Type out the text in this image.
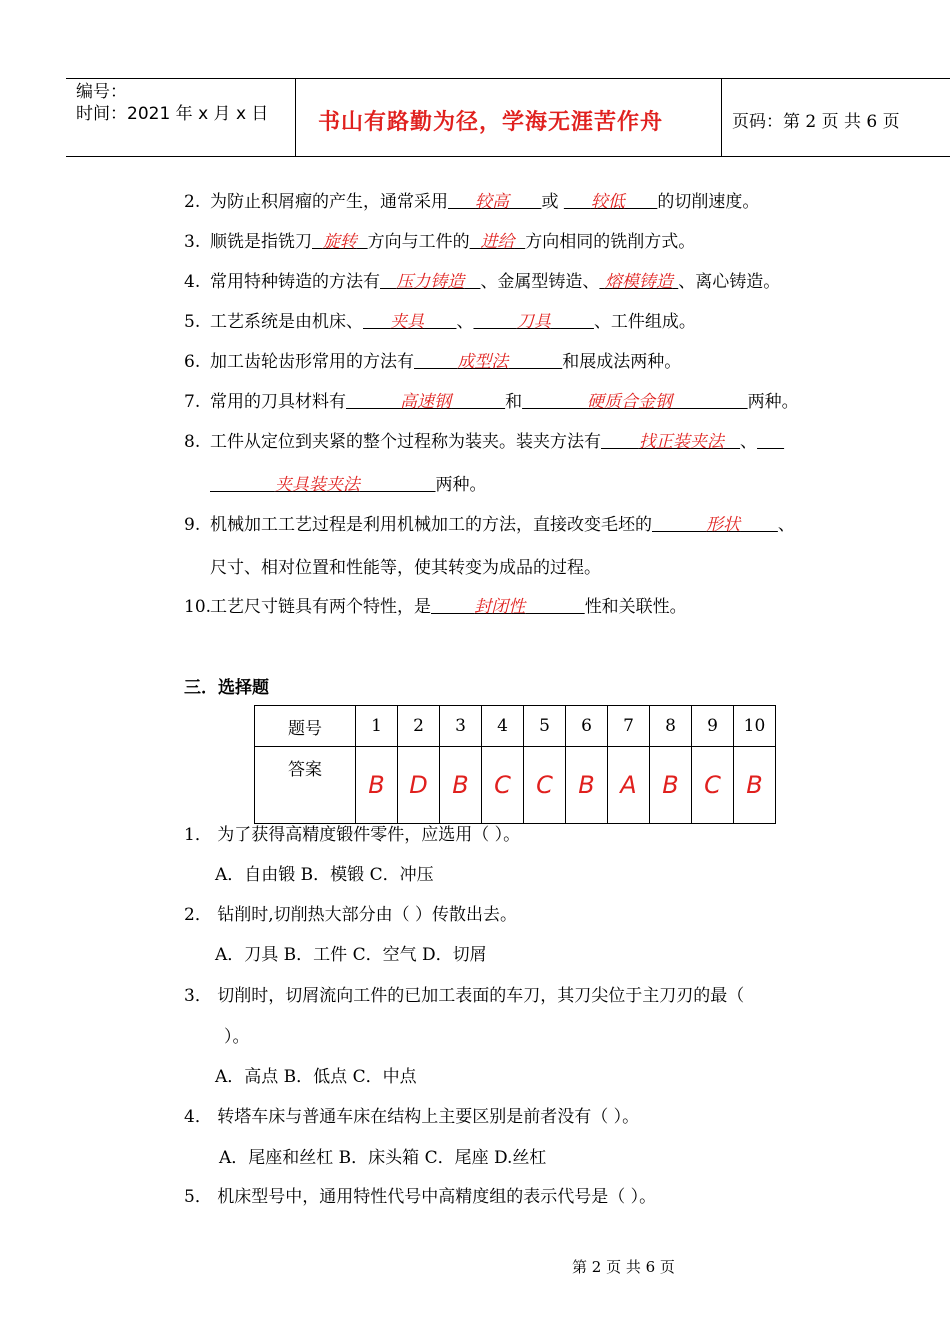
编号：
时间：2021 年 x 月 x 日 书山有路勤为径，学海无涯苦作舟	页码：第 2 页 共 6 页
2. 为防止积屑瘤的产生，通常采用 较高 或 较低 的切削速度。
3. 顺铣是指铣刀 旋转 方向与工件的 进给 方向相同的铣削方式。
4. 常用特种铸造的方法有 压力铸造 、金属型铸造、 熔模铸造 、离心铸造。
5. 工艺系统是由机床、 夹具 、	刀具	、工件组成。
6. 加工齿轮齿形常用的方法有	成型法	和展成法两种。
7. 常用的刀具材料有	高速钢	和	硬质合金钢	两种。
8. 工件从定位到夹紧的整个过程称为装夹。装夹方法有 找正装夹法 、
夹具装夹法	两种。
9. 机械加工工艺过程是利用机械加工的方法，直接改变毛坯的	形状 、
尺寸、相对位置和性能等，使其转变为成品的过程。
10.工艺尺寸链具有两个特性，是	封闭性	性和关联性。
三．选择题
题号	1	2	3	4	5	6	7	8	9	10
答案	B	D	B	C	C	B	A	B	C	B
1． 为了获得高精度锻件零件，应选用（ ）。
A．自由锻 B．模锻 C．冲压
2． 钻削时,切削热大部分由（ ）传散出去。
A．刀具 B．工件 C．空气 D．切屑
3． 切削时，切屑流向工件的已加工表面的车刀，其刀尖位于主刀刃的最（
）。
A．高点 B．低点 C．中点
4． 转塔车床与普通车床在结构上主要区别是前者没有（ ）。
A．尾座和丝杠 B．床头箱 C．尾座 D.丝杠
5． 机床型号中，通用特性代号中高精度组的表示代号是（ ）。
第 2 页 共 6 页
